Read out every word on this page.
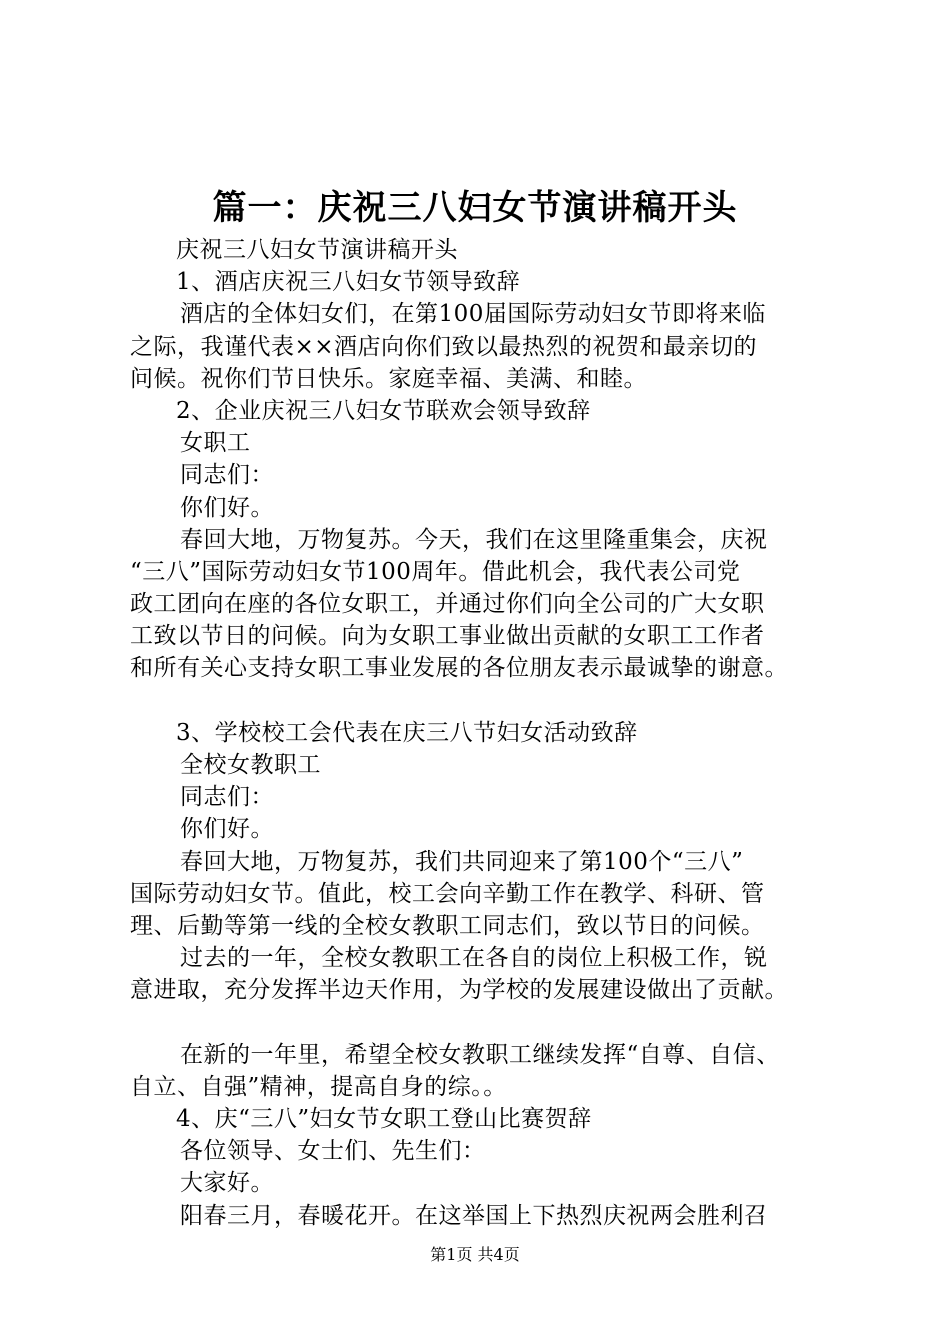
篇一：庆祝三八妇女节演讲稿开头
庆祝三八妇女节演讲稿开头
1、酒店庆祝三八妇女节领导致辞
酒店的全体妇女们，在第100届国际劳动妇女节即将来临
之际，我谨代表××酒店向你们致以最热烈的祝贺和最亲切的
问候。祝你们节日快乐。家庭幸福、美满、和睦。
2、企业庆祝三八妇女节联欢会领导致辞
女职工
同志们：
你们好。
春回大地，万物复苏。今天，我们在这里隆重集会，庆祝
“三八”国际劳动妇女节100周年。借此机会，我代表公司党
政工团向在座的各位女职工，并通过你们向全公司的广大女职
工致以节日的问候。向为女职工事业做出贡献的女职工工作者
和所有关心支持女职工事业发展的各位朋友表示最诚挚的谢意。
3、学校校工会代表在庆三八节妇女活动致辞
全校女教职工
同志们：
你们好。
春回大地，万物复苏，我们共同迎来了第100个“三八”
国际劳动妇女节。值此，校工会向辛勤工作在教学、科研、管
理、后勤等第一线的全校女教职工同志们，致以节日的问候。
过去的一年，全校女教职工在各自的岗位上积极工作，锐
意进取，充分发挥半边天作用，为学校的发展建设做出了贡献。
在新的一年里，希望全校女教职工继续发挥“自尊、自信、
自立、自强”精神，提高自身的综。。
4、庆“三八”妇女节女职工登山比赛贺辞
各位领导、女士们、先生们：
大家好。
阳春三月，春暖花开。在这举国上下热烈庆祝两会胜利召
第1页 共4页
